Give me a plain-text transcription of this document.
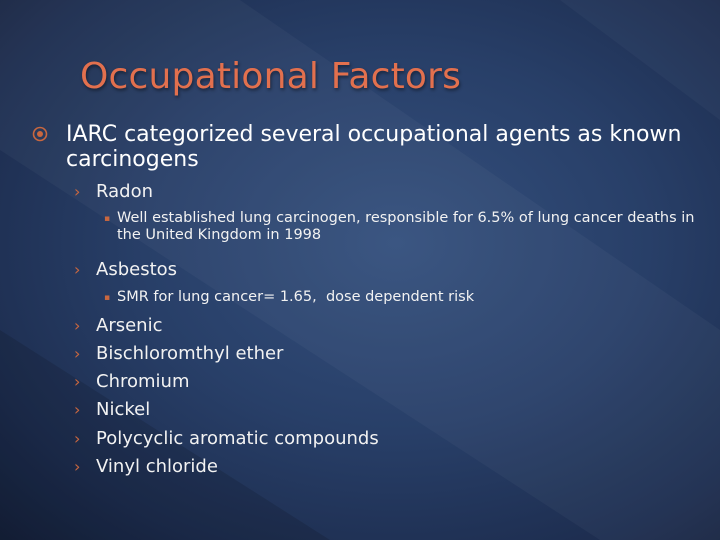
Occupational Factors
IARC categorized several occupational agents as known carcinogens
› Radon
▪ Well established lung carcinogen, responsible for 6.5% of lung cancer deaths in the United Kingdom in 1998
› Asbestos
▪ SMR for lung cancer= 1.65,  dose dependent risk
› Arsenic
› Bischloromthyl ether
› Chromium
› Nickel
› Polycyclic aromatic compounds
› Vinyl chloride
